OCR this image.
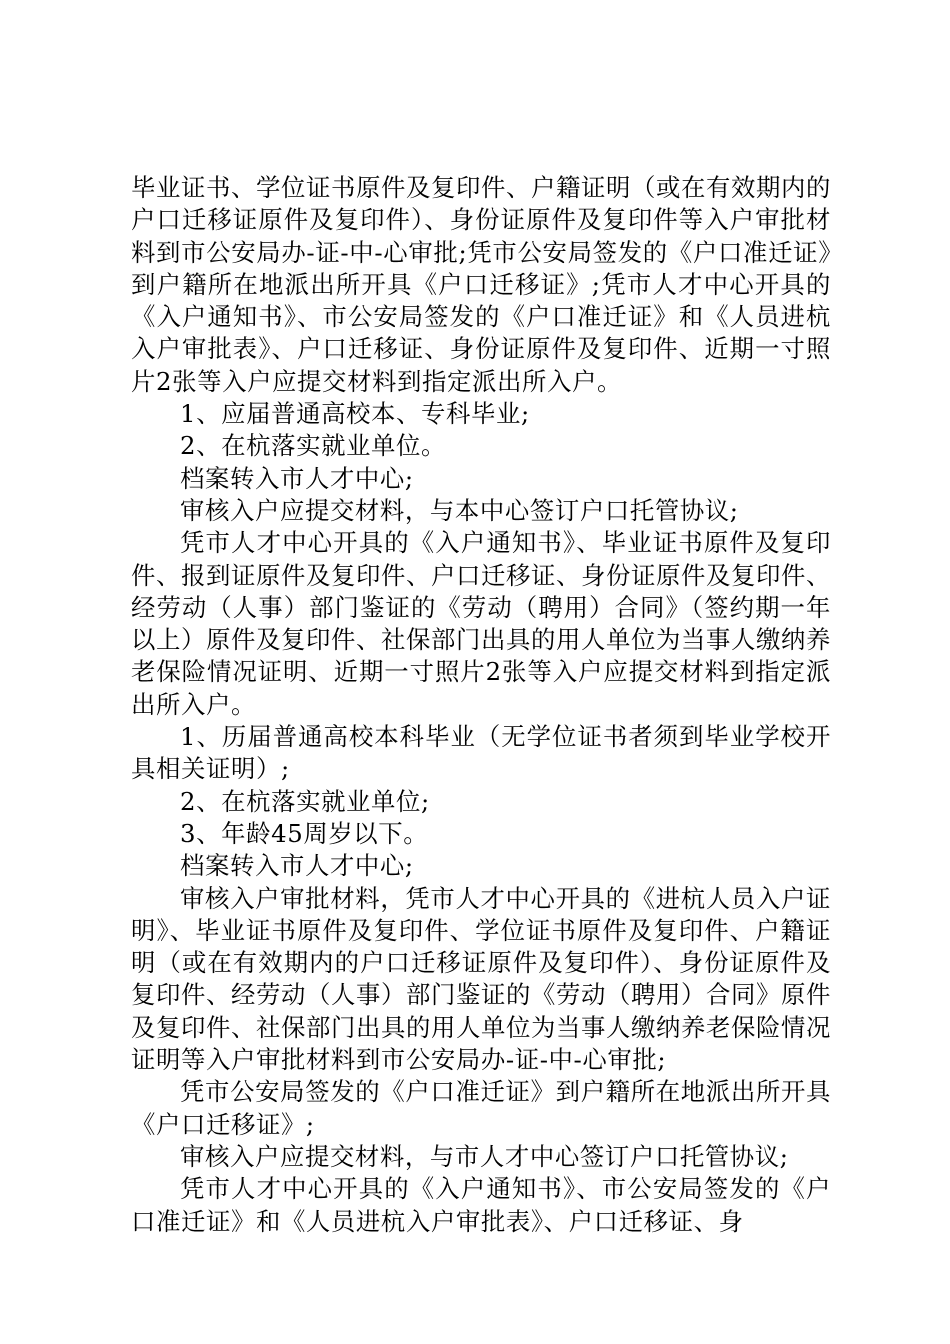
毕业证书、学位证书原件及复印件、户籍证明（或在有效期内的户口迁移证原件及复印件）、身份证原件及复印件等入户审批材料到市公安局办-证-中-心审批;凭市公安局签发的《户口准迁证》到户籍所在地派出所开具《户口迁移证》;凭市人才中心开具的《入户通知书》、市公安局签发的《户口准迁证》和《人员进杭入户审批表》、户口迁移证、身份证原件及复印件、近期一寸照片2张等入户应提交材料到指定派出所入户。

1、应届普通高校本、专科毕业;

2、在杭落实就业单位。

档案转入市人才中心;

审核入户应提交材料，与本中心签订户口托管协议;

凭市人才中心开具的《入户通知书》、毕业证书原件及复印件、报到证原件及复印件、户口迁移证、身份证原件及复印件、经劳动（人事）部门鉴证的《劳动（聘用）合同》（签约期一年以上）原件及复印件、社保部门出具的用人单位为当事人缴纳养老保险情况证明、近期一寸照片2张等入户应提交材料到指定派出所入户。

1、历届普通高校本科毕业（无学位证书者须到毕业学校开具相关证明）;

2、在杭落实就业单位;

3、年龄45周岁以下。

档案转入市人才中心;

审核入户审批材料，凭市人才中心开具的《进杭人员入户证明》、毕业证书原件及复印件、学位证书原件及复印件、户籍证明（或在有效期内的户口迁移证原件及复印件）、身份证原件及复印件、经劳动（人事）部门鉴证的《劳动（聘用）合同》原件及复印件、社保部门出具的用人单位为当事人缴纳养老保险情况证明等入户审批材料到市公安局办-证-中-心审批;

凭市公安局签发的《户口准迁证》到户籍所在地派出所开具《户口迁移证》;

审核入户应提交材料，与市人才中心签订户口托管协议;

凭市人才中心开具的《入户通知书》、市公安局签发的《户口准迁证》和《人员进杭入户审批表》、户口迁移证、身
